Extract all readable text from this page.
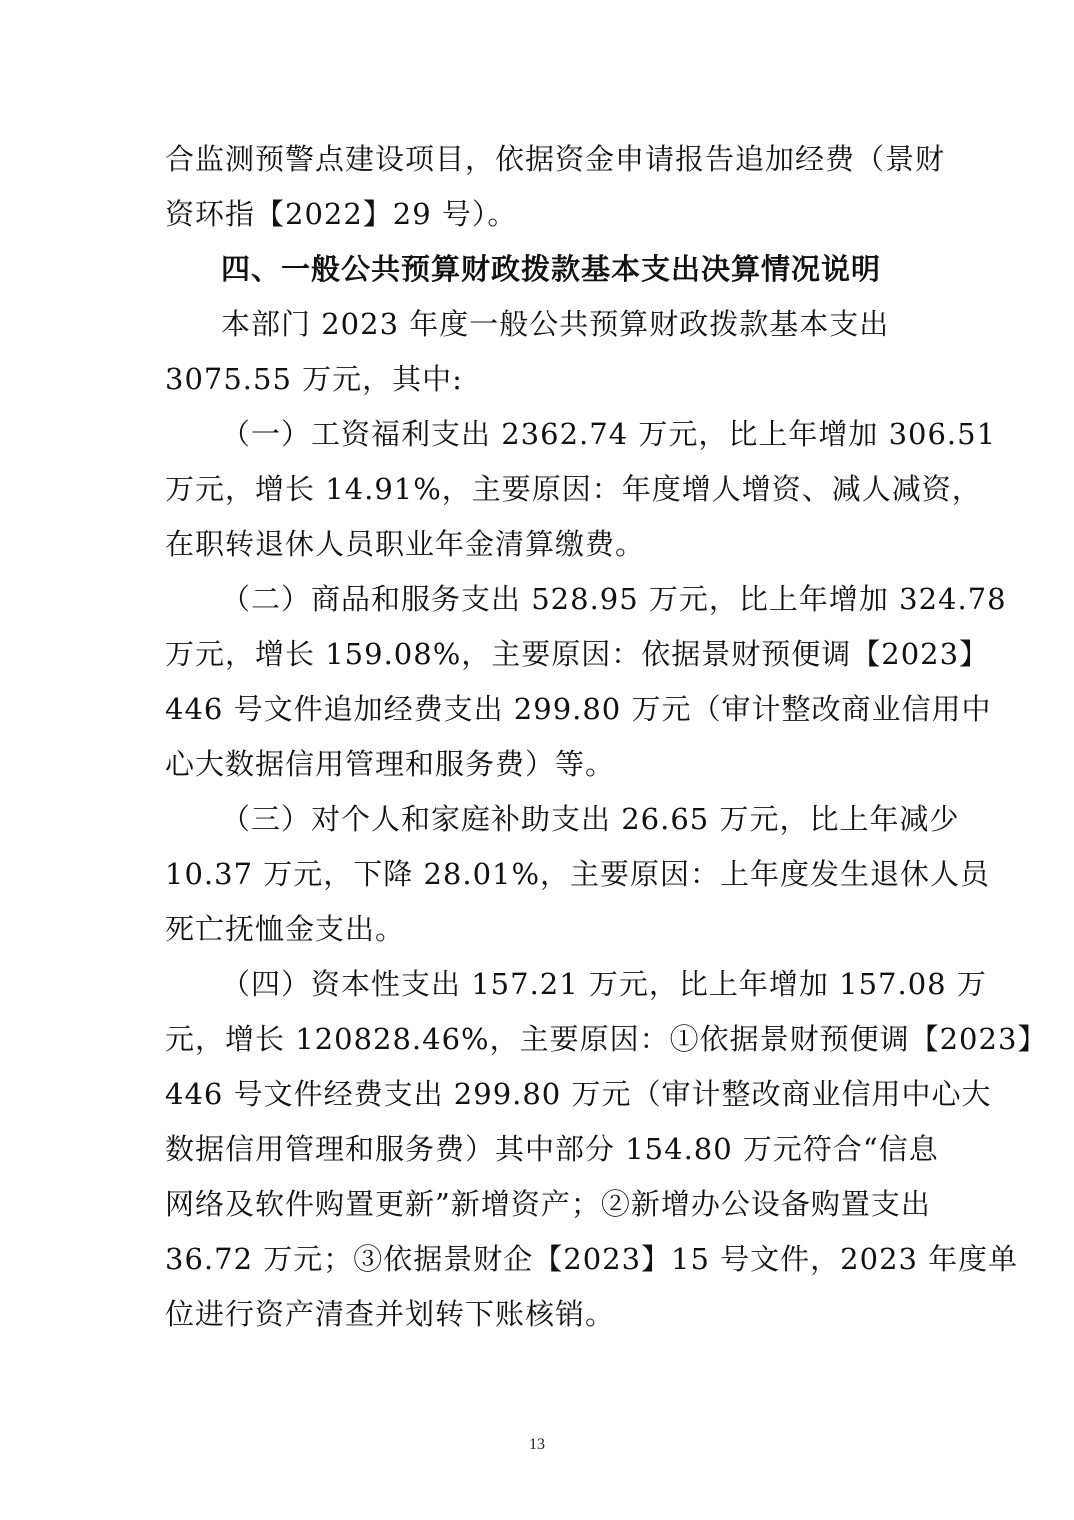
合监测预警点建设项目，依据资金申请报告追加经费（景财
资环指【2022】29 号）。
四、一般公共预算财政拨款基本支出决算情况说明
本部门 2023 年度一般公共预算财政拨款基本支出
3075.55 万元，其中:
（一）工资福利支出 2362.74 万元，比上年增加 306.51
万元，增长 14.91%，主要原因：年度增人增资、减人减资，
在职转退休人员职业年金清算缴费。
（二）商品和服务支出 528.95 万元，比上年增加 324.78
万元，增长 159.08%，主要原因：依据景财预便调【2023】
446 号文件追加经费支出 299.80 万元（审计整改商业信用中
心大数据信用管理和服务费）等。
（三）对个人和家庭补助支出 26.65 万元，比上年减少
10.37 万元，下降 28.01%，主要原因：上年度发生退休人员
死亡抚恤金支出。
（四）资本性支出 157.21 万元，比上年增加 157.08 万
元，增长 120828.46%，主要原因：①依据景财预便调【2023】
446 号文件经费支出 299.80 万元（审计整改商业信用中心大
数据信用管理和服务费）其中部分 154.80 万元符合“信息
网络及软件购置更新”新增资产；②新增办公设备购置支出
36.72 万元；③依据景财企【2023】15 号文件，2023 年度单
位进行资产清查并划转下账核销。
13
